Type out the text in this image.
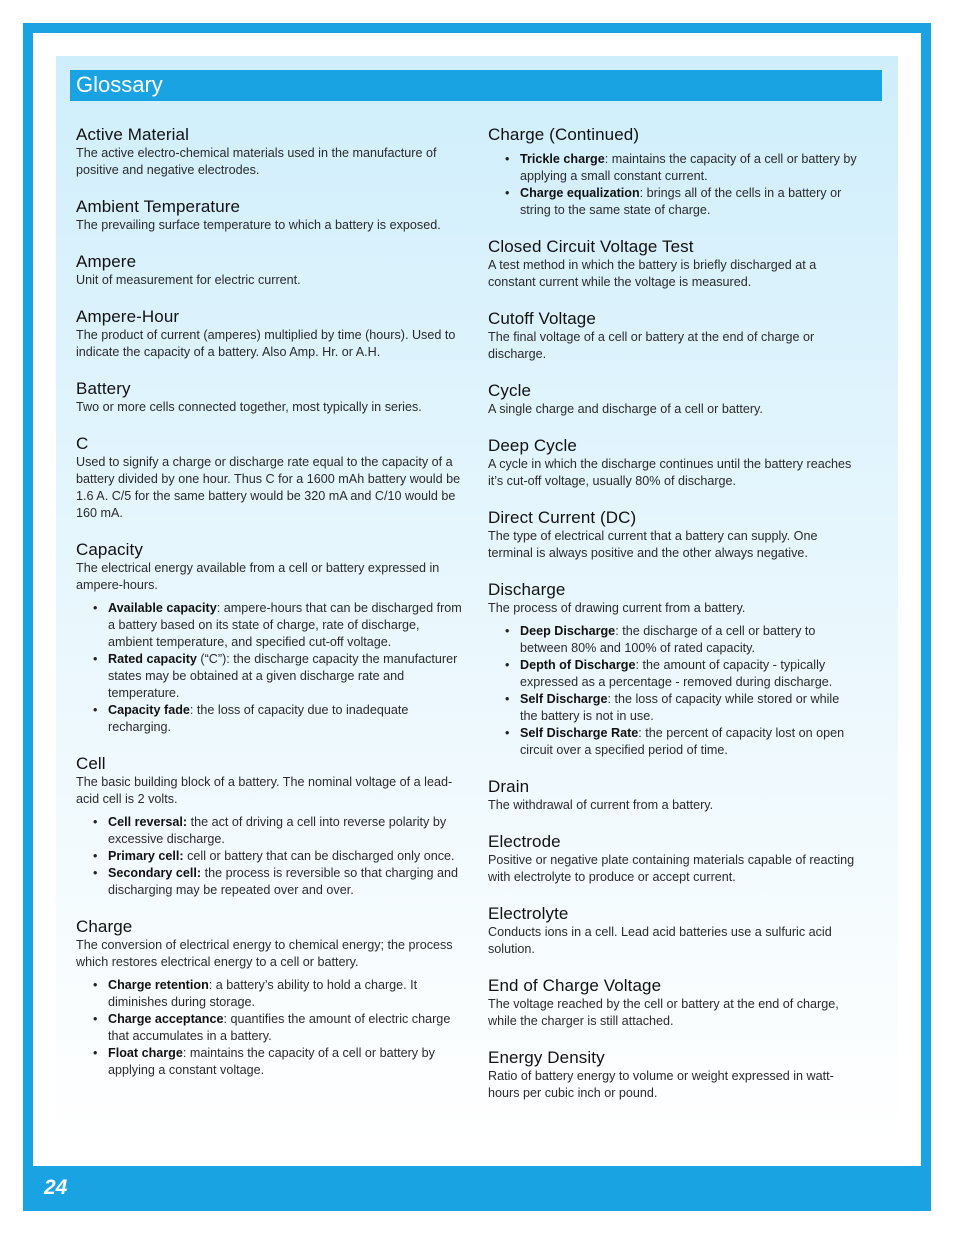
Glossary
Active Material

The active electro-chemical materials used in the manufacture of positive and negative electrodes.

Ambient Temperature

The prevailing surface temperature to which a battery is exposed.

Ampere

Unit of measurement for electric current.

Ampere-Hour

The product of current (amperes) multiplied by time (hours). Used to indicate the capacity of a battery. Also Amp. Hr. or A.H.

Battery

Two or more cells connected together, most typically in series.

C

Used to signify a charge or discharge rate equal to the capacity of a battery divided by one hour. Thus C for a 1600 mAh battery would be 1.6 A. C/5 for the same battery would be 320 mA and C/10 would be 160 mA.

Capacity

The electrical energy available from a cell or battery expressed in ampere-hours.

• Available capacity: ampere-hours that can be discharged from a battery based on its state of charge, rate of discharge, ambient temperature, and specified cut-off voltage.
• Rated capacity (“C”): the discharge capacity the manufacturer states may be obtained at a given discharge rate and temperature.
• Capacity fade: the loss of capacity due to inadequate recharging.
Cell

The basic building block of a battery. The nominal voltage of a lead-acid cell is 2 volts.

• Cell reversal: the act of driving a cell into reverse polarity by excessive discharge.
• Primary cell: cell or battery that can be discharged only once.
• Secondary cell: the process is reversible so that charging and discharging may be repeated over and over.
Charge

The conversion of electrical energy to chemical energy; the process which restores electrical energy to a cell or battery.

• Charge retention: a battery’s ability to hold a charge. It diminishes during storage.
• Charge acceptance: quantifies the amount of electric charge that accumulates in a battery.
• Float charge: maintains the capacity of a cell or battery by applying a constant voltage.
Charge (Continued)
• Trickle charge: maintains the capacity of a cell or battery by applying a small constant current.
• Charge equalization: brings all of the cells in a battery or string to the same state of charge.
Closed Circuit Voltage Test

A test method in which the battery is briefly discharged at a constant current while the voltage is measured.

Cutoff Voltage

The final voltage of a cell or battery at the end of charge or discharge.

Cycle

A single charge and discharge of a cell or battery.

Deep Cycle

A cycle in which the discharge continues until the battery reaches it’s cut-off voltage, usually 80% of discharge.

Direct Current (DC)

The type of electrical current that a battery can supply. One terminal is always positive and the other always negative.

Discharge

The process of drawing current from a battery.

• Deep Discharge: the discharge of a cell or battery to between 80% and 100% of rated capacity.
• Depth of Discharge: the amount of capacity - typically expressed as a percentage - removed during discharge.
• Self Discharge: the loss of capacity while stored or while the battery is not in use.
• Self Discharge Rate: the percent of capacity lost on open circuit over a specified period of time.
Drain

The withdrawal of current from a battery.

Electrode

Positive or negative plate containing materials capable of reacting with electrolyte to produce or accept current.

Electrolyte

Conducts ions in a cell. Lead acid batteries use a sulfuric acid solution.

End of Charge Voltage

The voltage reached by the cell or battery at the end of charge, while the charger is still attached.

Energy Density

Ratio of battery energy to volume or weight expressed in watt-hours per cubic inch or pound.

24
